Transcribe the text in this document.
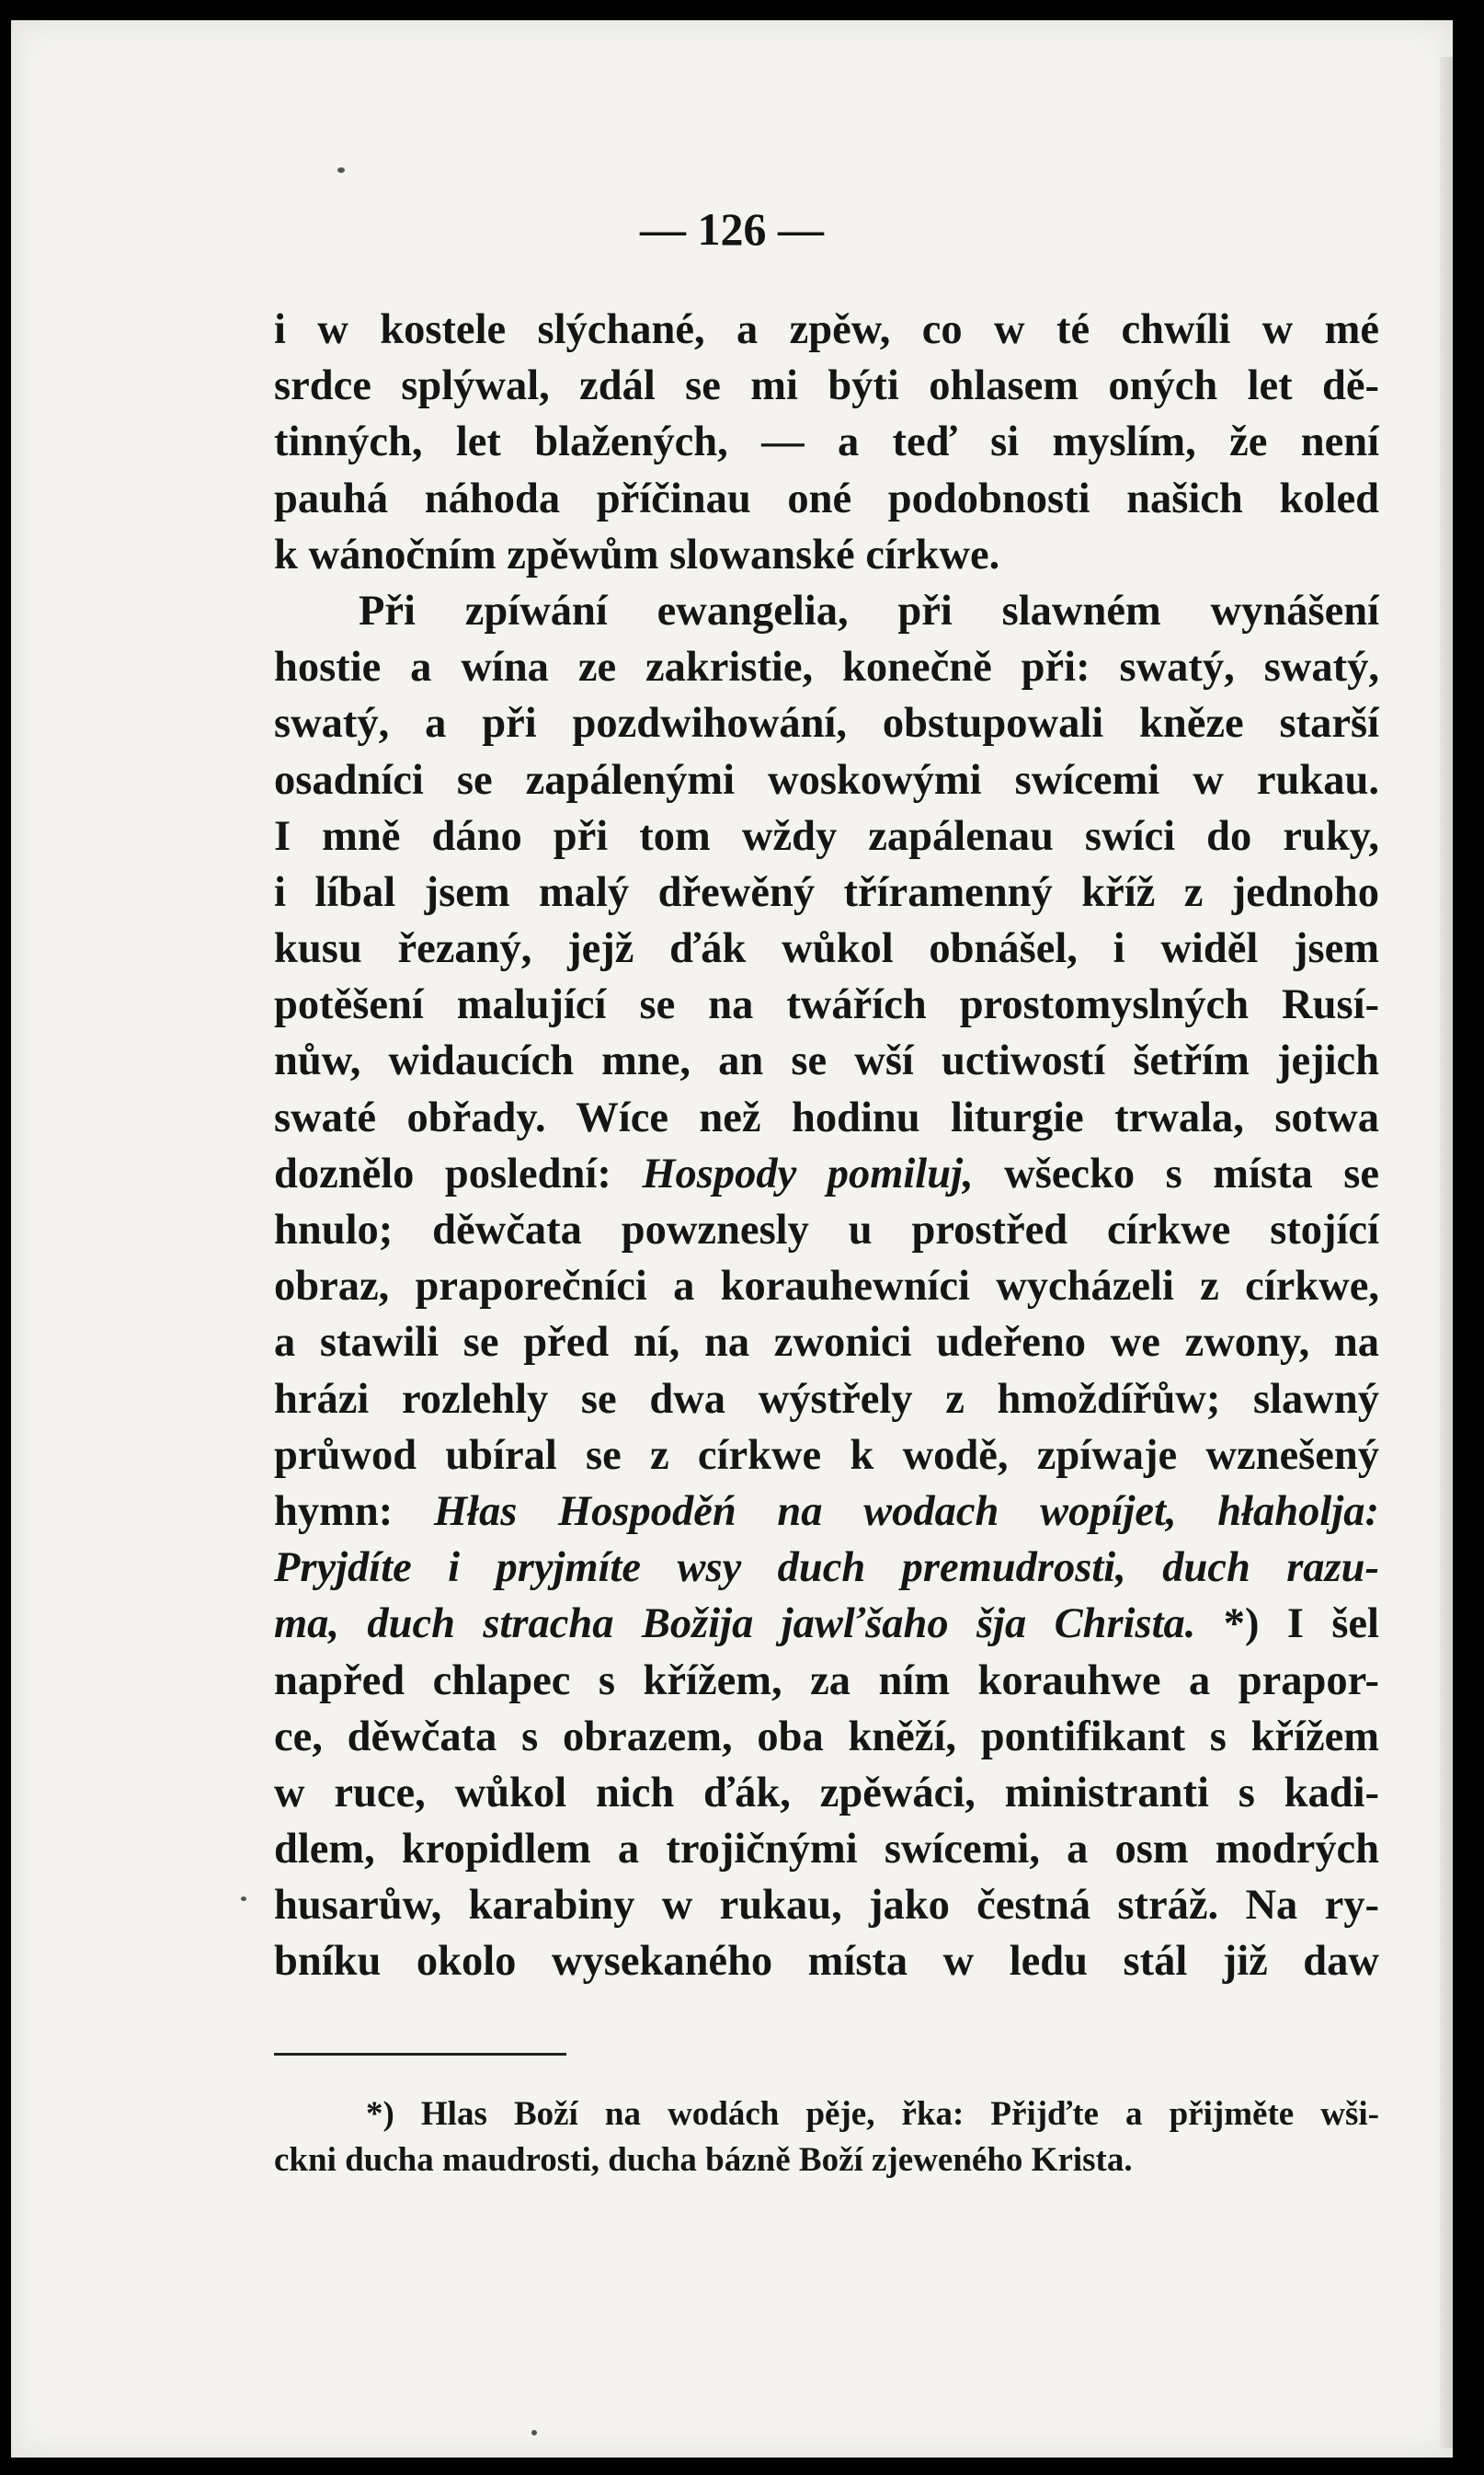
— 126 —
i w kostele slýchané, a zpěw, co w té chwíli w mé
srdce splýwal, zdál se mi býti ohlasem oných let dě-
tinných, let blažených, — a teď si myslím, že není
pauhá náhoda příčinau oné podobnosti našich koled
k wánočním zpěwům slowanské církwe.
Při zpíwání ewangelia, při slawném wynášení
hostie a wína ze zakristie, konečně při: swatý, swatý,
swatý, a při pozdwihowání, obstupowali kněze starší
osadníci se zapálenými woskowými swícemi w rukau.
I mně dáno při tom wždy zapálenau swíci do ruky,
i líbal jsem malý dřewěný tříramenný kříž z jednoho
kusu řezaný, jejž ďák wůkol obnášel, i widěl jsem
potěšení malující se na twářích prostomyslných Rusí-
nůw, widaucích mne, an se wší uctiwostí šetřím jejich
swaté obřady. Wíce než hodinu liturgie trwala, sotwa
doznělo poslední: Hospody pomiluj, wšecko s místa se
hnulo; děwčata powznesly u prostřed církwe stojící
obraz, praporečníci a korauhewníci wycházeli z církwe,
a stawili se před ní, na zwonici udeřeno we zwony, na
hrázi rozlehly se dwa wýstřely z hmoždířůw; slawný
průwod ubíral se z církwe k wodě, zpíwaje wznešený
hymn: Hłas Hospoděń na wodach wopíjet, hłaholja:
Pryjdíte i pryjmíte wsy duch premudrosti, duch razu-
ma, duch stracha Božija jawľšaho šja Christa. *) I šel
napřed chlapec s křížem, za ním korauhwe a prapor-
ce, děwčata s obrazem, oba kněží, pontifikant s křížem
w ruce, wůkol nich ďák, zpěwáci, ministranti s kadi-
dlem, kropidlem a trojičnými swícemi, a osm modrých
husarůw, karabiny w rukau, jako čestná stráž. Na ry-
bníku okolo wysekaného místa w ledu stál již daw
*) Hlas Boží na wodách pěje, řka: Přijďte a přijměte wši-
ckni ducha maudrosti, ducha bázně Boží zjeweného Krista.
